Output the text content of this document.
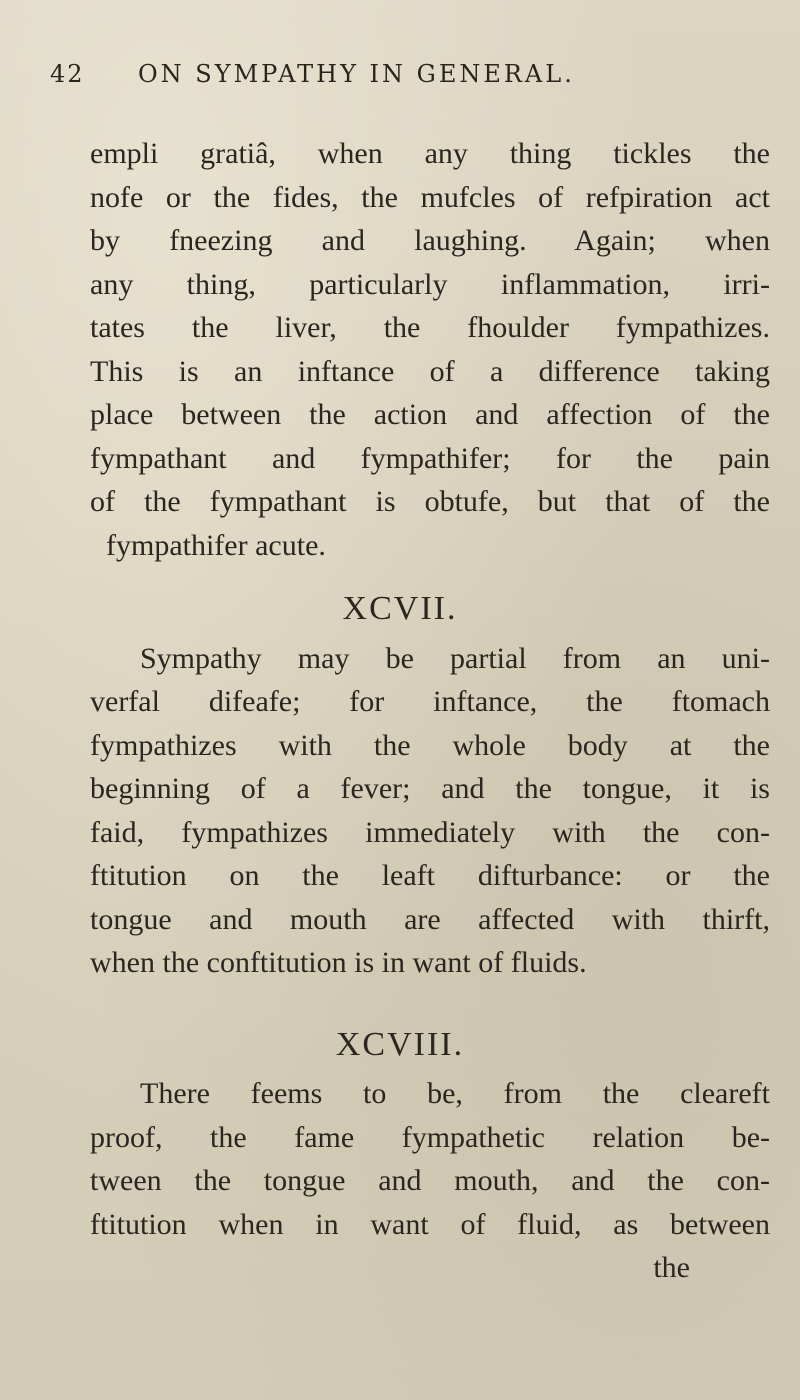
42 ON SYMPATHY IN GENERAL.
empli gratiâ, when any thing tickles the
nofe or the fides, the mufcles of refpiration act
by fneezing and laughing. Again; when
any thing, particularly inflammation, irri-
tates the liver, the fhoulder fympathizes.
This is an inftance of a difference taking
place between the action and affection of the
fympathant and fympathifer; for the pain
of the fympathant is obtufe, but that of the
fympathifer acute.
XCVII.
Sympathy may be partial from an uni-
verfal difeafe; for inftance, the ftomach
fympathizes with the whole body at the
beginning of a fever; and the tongue, it is
faid, fympathizes immediately with the con-
ftitution on the leaft difturbance: or the
tongue and mouth are affected with thirft,
when the conftitution is in want of fluids.
XCVIII.
There feems to be, from the cleareft
proof, the fame fympathetic relation be-
tween the tongue and mouth, and the con-
ftitution when in want of fluid, as between
the
